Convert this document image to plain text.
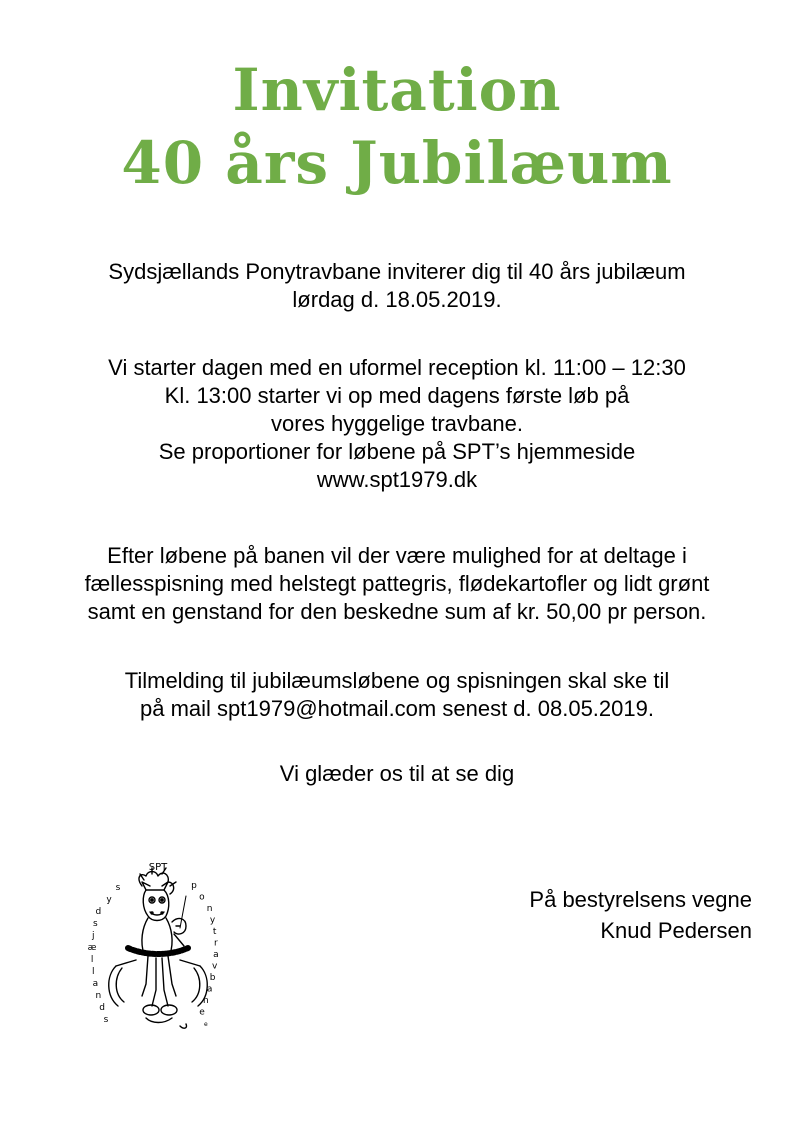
Invitation
40 års Jubilæum

Sydsjællands Ponytravbane inviterer dig til 40 års jubilæum

lørdag d. 18.05.2019.

Vi starter dagen med en uformel reception kl. 11:00 – 12:30

Kl. 13:00 starter vi op med dagens første løb på

vores hyggelige travbane.

Se proportioner for løbene på SPT’s hjemmeside

www.spt1979.dk

Efter løbene på banen vil der være mulighed for at deltage i

fællesspisning med helstegt pattegris, flødekartofler og lidt grønt

samt en genstand for den beskedne sum af kr. 50,00 pr person.

Tilmelding til jubilæumsløbene og spisningen skal ske til

på mail spt1979@hotmail.com senest d. 08.05.2019.

Vi glæder os til at se dig

SPT
s
y
d
s
j
æ
l
l
a
n
d
s
p
o
n
y
t
r
a
v
b
a
n
e
e

På bestyrelsens vegne

Knud Pedersen
